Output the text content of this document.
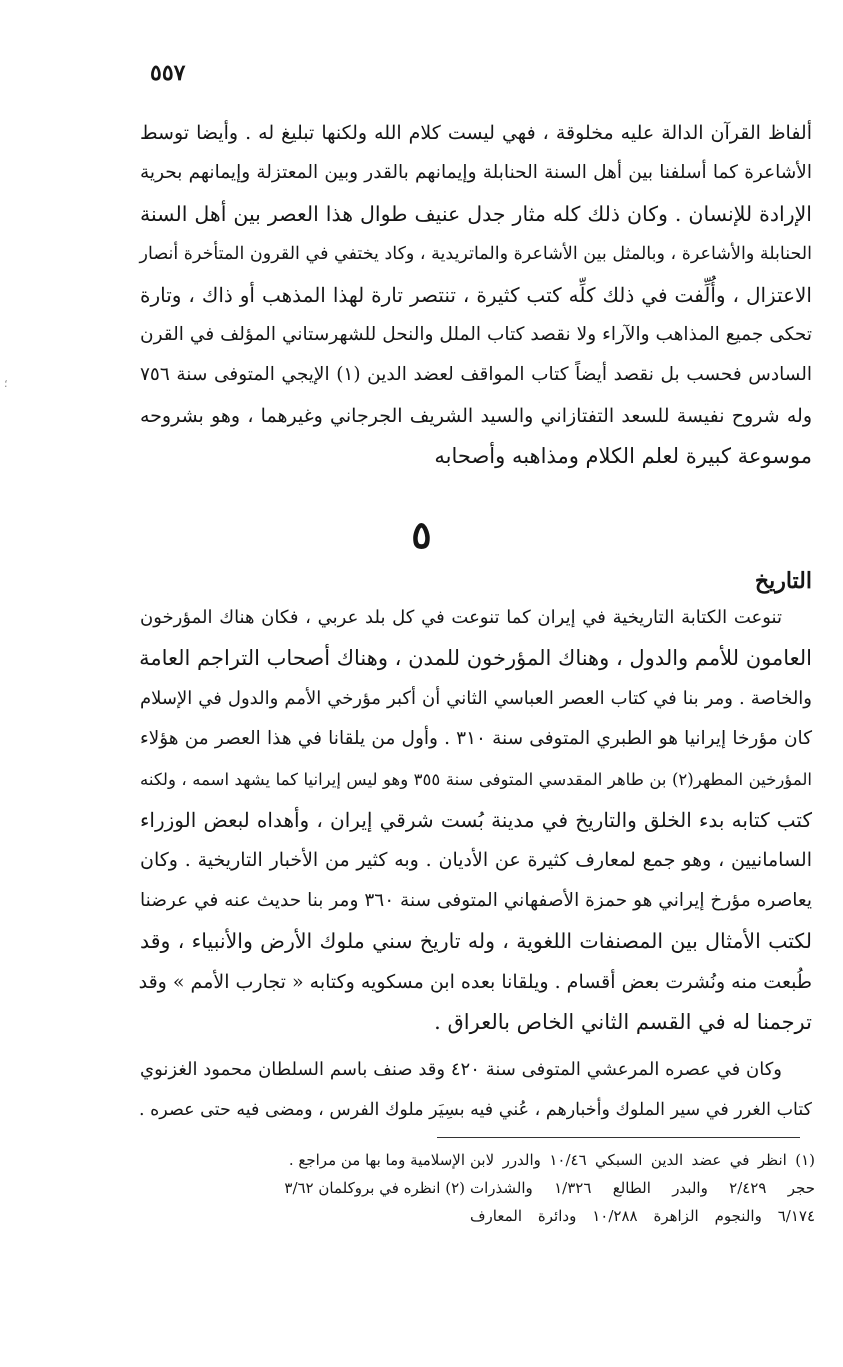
٥٥٧
ألفاظ القرآن الدالة عليه مخلوقة ، فهي ليست كلام الله ولكنها تبليغ له . وأيضا توسط
الأشاعرة كما أسلفنا بين أهل السنة الحنابلة وإيمانهم بالقدر وبين المعتزلة وإيمانهم بحرية
الإرادة للإنسان . وكان ذلك كله مثار جدل عنيف طوال هذا العصر بين أهل السنة
الحنابلة والأشاعرة ، وبالمثل بين الأشاعرة والماتريدية ، وكاد يختفي في القرون المتأخرة أنصار
الاعتزال ، وأُلِّفت في ذلك كلِّه كتب كثيرة ، تنتصر تارة لهذا المذهب أو ذاك ، وتارة
تحكى جميع المذاهب والآراء ولا نقصد كتاب الملل والنحل للشهرستاني المؤلف في القرن
السادس فحسب بل نقصد أيضاً كتاب المواقف لعضد الدين (١) الإيجي المتوفى سنة ٧٥٦
وله شروح نفيسة للسعد التفتازاني والسيد الشريف الجرجاني وغيرهما ، وهو بشروحه
موسوعة كبيرة لعلم الكلام ومذاهبه وأصحابه
٥
التاريخ
تنوعت الكتابة التاريخية في إيران كما تنوعت في كل بلد عربي ، فكان هناك المؤرخون
العامون للأمم والدول ، وهناك المؤرخون للمدن ، وهناك أصحاب التراجم العامة
والخاصة . ومر بنا في كتاب العصر العباسي الثاني أن أكبر مؤرخي الأمم والدول في الإسلام
كان مؤرخا إيرانيا هو الطبري المتوفى سنة ٣١٠ . وأول من يلقانا في هذا العصر من هؤلاء
المؤرخين المطهر(٢) بن طاهر المقدسي المتوفى سنة ٣٥٥ وهو ليس إيرانيا كما يشهد اسمه ، ولكنه
كتب كتابه بدء الخلق والتاريخ في مدينة بُست شرقي إيران ، وأهداه لبعض الوزراء
السامانيين ، وهو جمع لمعارف كثيرة عن الأديان . وبه كثير من الأخبار التاريخية . وكان
يعاصره مؤرخ إيراني هو حمزة الأصفهاني المتوفى سنة ٣٦٠ ومر بنا حديث عنه في عرضنا
لكتب الأمثال بين المصنفات اللغوية ، وله تاريخ سني ملوك الأرض والأنبياء ، وقد
طُبعت منه ونُشرت بعض أقسام . ويلقانا بعده ابن مسكويه وكتابه « تجارب الأمم » وقد
ترجمنا له في القسم الثاني الخاص بالعراق .
وكان في عصره المرعشي المتوفى سنة ٤٢٠ وقد صنف باسم السلطان محمود الغزنوي
كتاب الغرر في سير الملوك وأخبارهم ، عُني فيه بسِيَر ملوك الفرس ، ومضى فيه حتى عصره .
(١) انظر في عضد الدين السبكي ١٠/٤٦ والدرر لابن
حجر ٢/٤٢٩ والبدر الطالع ١/٣٢٦ والشذرات
٦/١٧٤ والنجوم الزاهرة ١٠/٢٨٨ ودائرة المعارف
الإسلامية وما بها من مراجع .
(٢) انظره في بروكلمان ٣/٦٢
؛
